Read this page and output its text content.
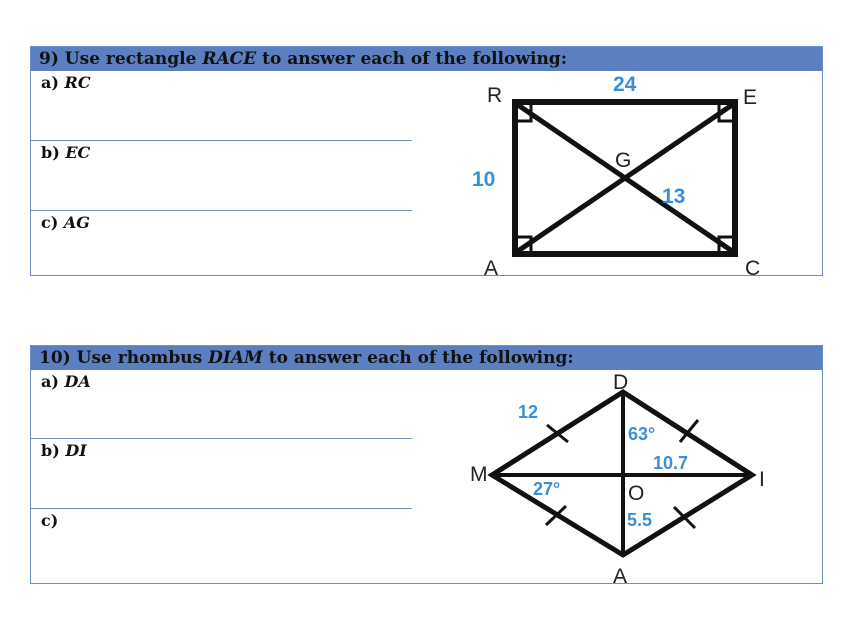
9) Use rectangle RACE to answer each of the following:
a) RC
b) EC
c) AG
10) Use rhombus DIAM to answer each of the following:
a) DA
b) DI
c)
R	E
A	C
G
24
10
13
D
I
A
M
O
12
63°
10.7
27°
5.5
